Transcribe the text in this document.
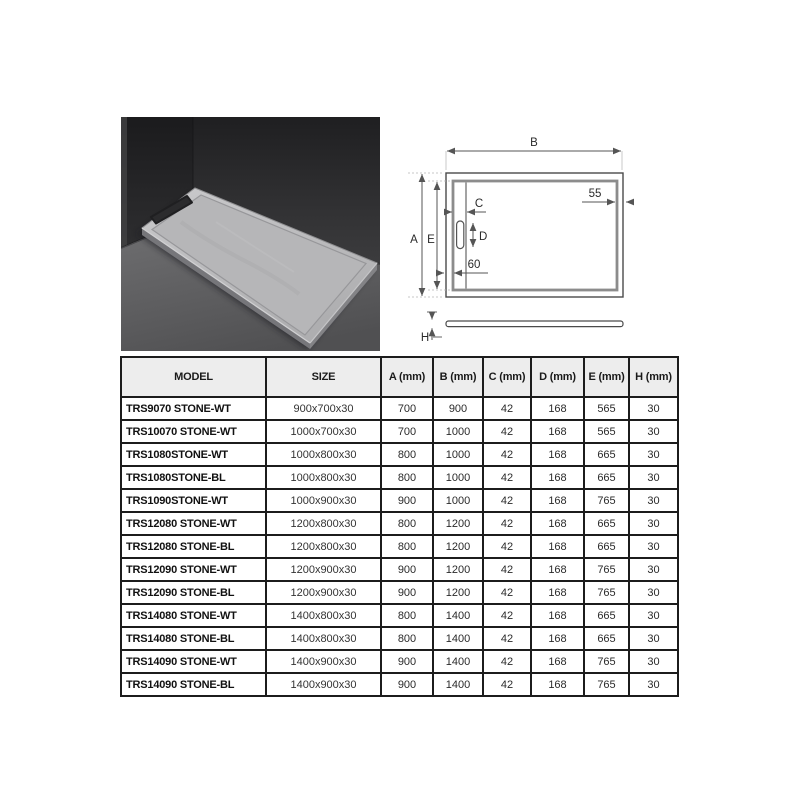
B
A E
C
D
60
55
H
MODEL	SIZE	A (mm)	B (mm)	C (mm)	D (mm)	E (mm)	H (mm)
TRS9070 STONE-WT	900x700x30	700	900	42	168	565	30
TRS10070 STONE-WT	1000x700x30	700	1000	42	168	565	30
TRS1080STONE-WT	1000x800x30	800	1000	42	168	665	30
TRS1080STONE-BL	1000x800x30	800	1000	42	168	665	30
TRS1090STONE-WT	1000x900x30	900	1000	42	168	765	30
TRS12080 STONE-WT	1200x800x30	800	1200	42	168	665	30
TRS12080 STONE-BL	1200x800x30	800	1200	42	168	665	30
TRS12090 STONE-WT	1200x900x30	900	1200	42	168	765	30
TRS12090 STONE-BL	1200x900x30	900	1200	42	168	765	30
TRS14080 STONE-WT	1400x800x30	800	1400	42	168	665	30
TRS14080 STONE-BL	1400x800x30	800	1400	42	168	665	30
TRS14090 STONE-WT	1400x900x30	900	1400	42	168	765	30
TRS14090 STONE-BL	1400x900x30	900	1400	42	168	765	30
